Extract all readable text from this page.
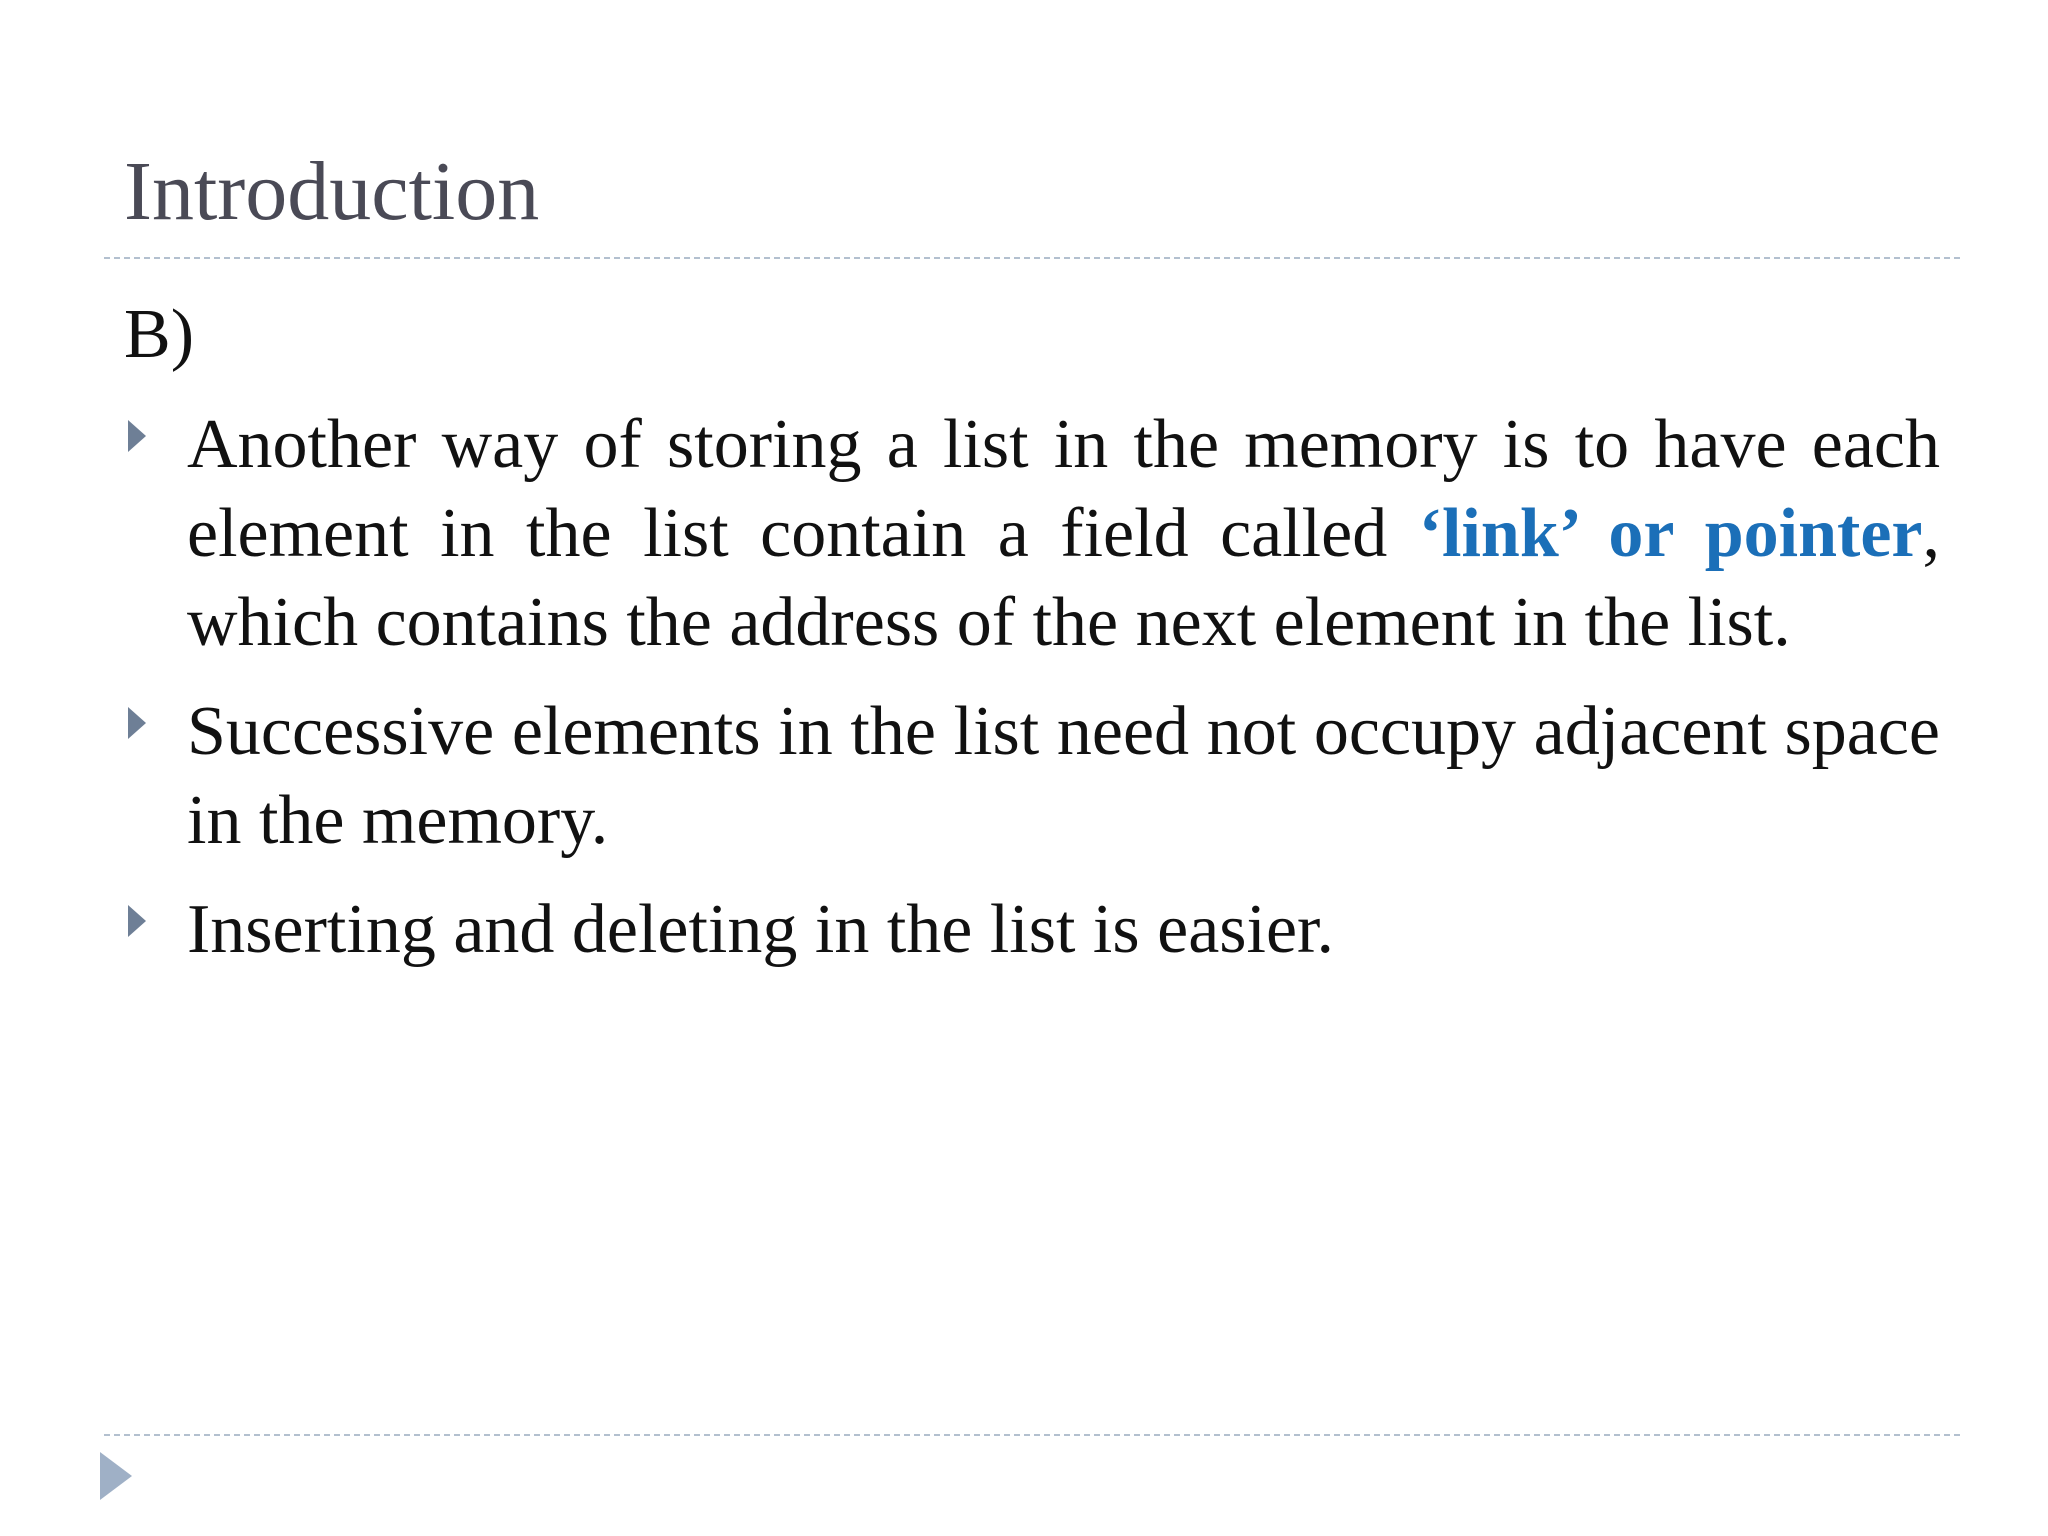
Introduction
B)
Another way of storing a list in the memory is to have each element in the list contain a field called ‘link’ or pointer, which contains the address of the next element in the list.
Successive elements in the list need not occupy adjacent space in the memory.
Inserting and deleting in the list is easier.
